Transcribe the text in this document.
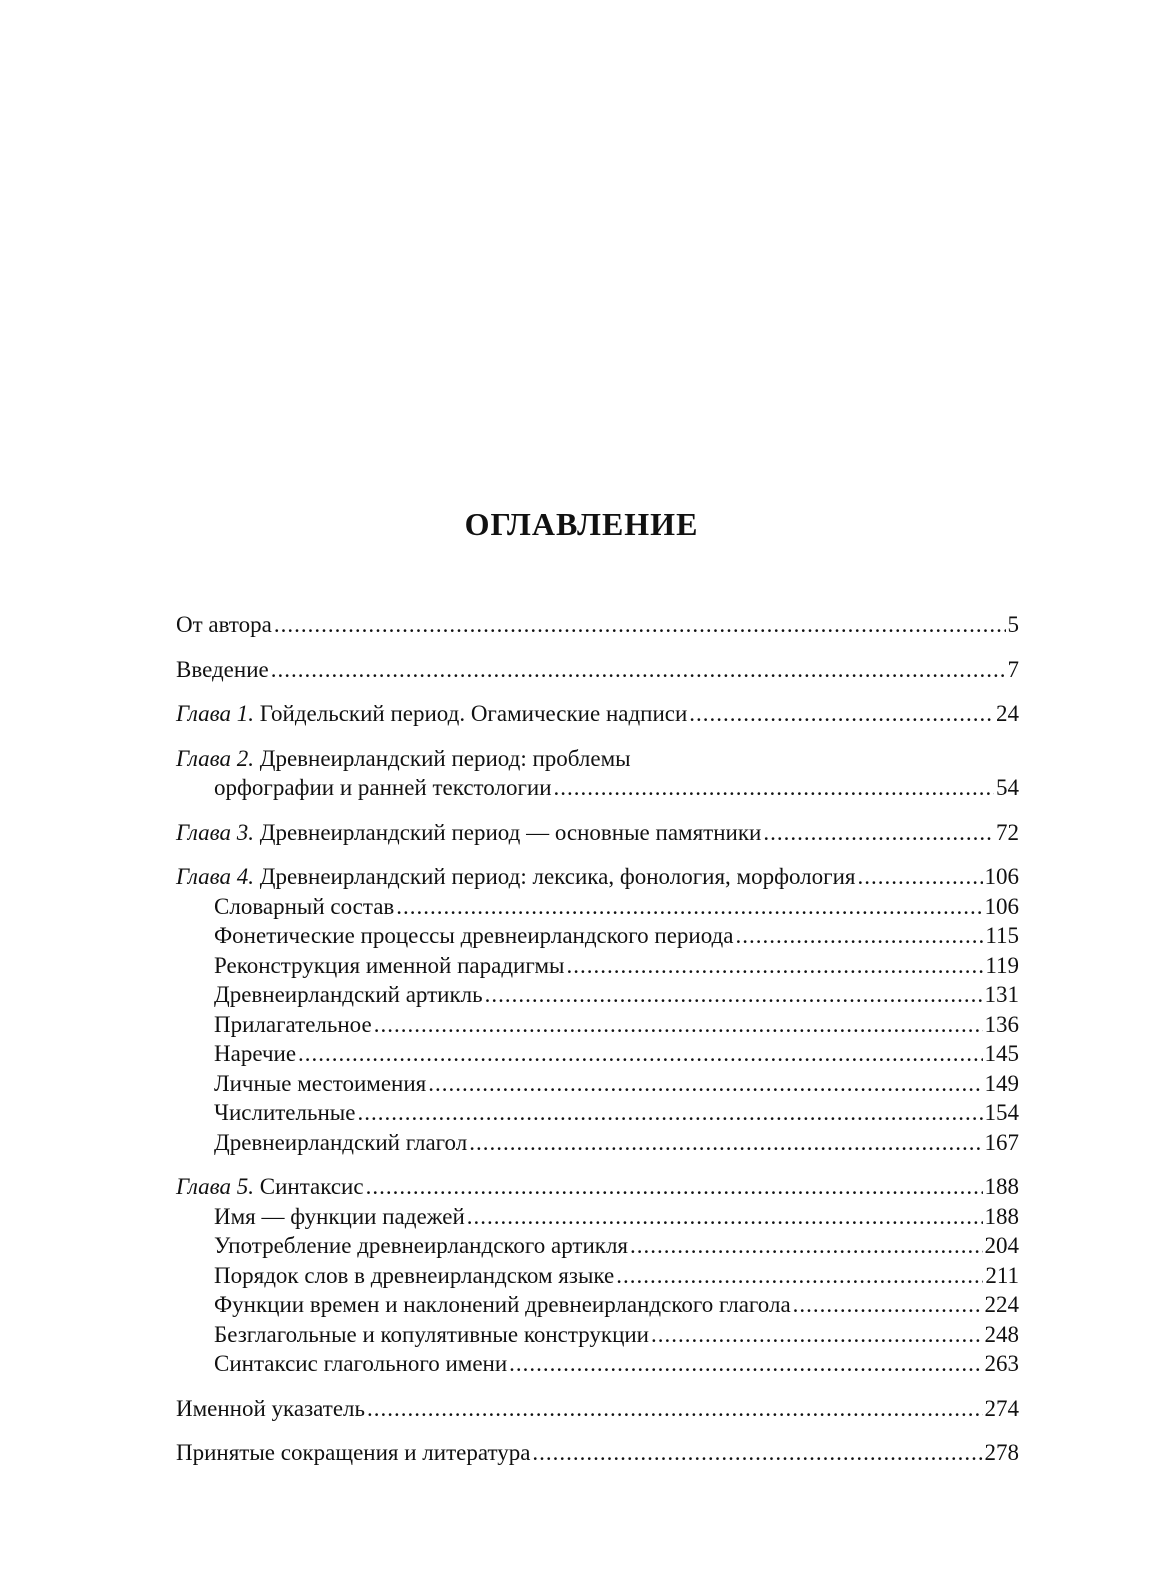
ОГЛАВЛЕНИЕ
От автора .....	5
Введение .....	7
Глава 1. Гойдельский период. Огамические надписи .....	24
Глава 2. Древнеирландский период: проблемы
орфографии и ранней текстологии .....	54
Глава 3. Древнеирландский период — основные памятники .....	72
Глава 4. Древнеирландский период: лексика, фонология, морфология .....	106
Словарный состав .....	106
Фонетические процессы древнеирландского периода .....	115
Реконструкция именной парадигмы .....	119
Древнеирландский артикль .....	131
Прилагательное .....	136
Наречие .....	145
Личные местоимения .....	149
Числительные .....	154
Древнеирландский глагол .....	167
Глава 5. Синтаксис .....	188
Имя — функции падежей .....	188
Употребление древнеирландского артикля .....	204
Порядок слов в древнеирландском языке .....	211
Функции времен и наклонений древнеирландского глагола .....	224
Безглагольные и копулятивные конструкции .....	248
Синтаксис глагольного имени .....	263
Именной указатель .....	274
Принятые сокращения и литература .....	278
